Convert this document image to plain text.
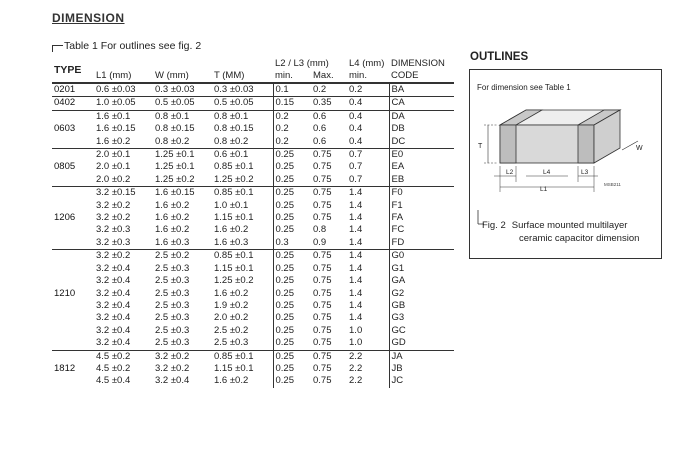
DIMENSION
Table 1 For outlines see fig. 2
TYPE	L1 (mm)	W (mm)	T (MM)	L2 / L3 (mm)		L4 (mm)	DIMENSION
				min.	Max.	min.	CODE
0201	0.6 ±0.03	0.3 ±0.03	0.3 ±0.03	0.1	0.2	0.2	BA
0402	1.0 ±0.05	0.5 ±0.05	0.5 ±0.05	0.15	0.35	0.4	CA
	1.6 ±0.1	0.8 ±0.1	0.8 ±0.1	0.2	0.6	0.4	DA
0603	1.6 ±0.15	0.8 ±0.15	0.8 ±0.15	0.2	0.6	0.4	DB
	1.6 ±0.2	0.8 ±0.2	0.8 ±0.2	0.2	0.6	0.4	DC
	2.0 ±0.1	1.25 ±0.1	0.6 ±0.1	0.25	0.75	0.7	E0
0805	2.0 ±0.1	1.25 ±0.1	0.85 ±0.1	0.25	0.75	0.7	EA
	2.0 ±0.2	1.25 ±0.2	1.25 ±0.2	0.25	0.75	0.7	EB
	3.2 ±0.15	1.6 ±0.15	0.85 ±0.1	0.25	0.75	1.4	F0
	3.2 ±0.2	1.6 ±0.2	1.0 ±0.1	0.25	0.75	1.4	F1
1206	3.2 ±0.2	1.6 ±0.2	1.15 ±0.1	0.25	0.75	1.4	FA
	3.2 ±0.3	1.6 ±0.2	1.6 ±0.2	0.25	0.8	1.4	FC
	3.2 ±0.3	1.6 ±0.3	1.6 ±0.3	0.3	0.9	1.4	FD
	3.2 ±0.2	2.5 ±0.2	0.85 ±0.1	0.25	0.75	1.4	G0
	3.2 ±0.4	2.5 ±0.3	1.15 ±0.1	0.25	0.75	1.4	G1
	3.2 ±0.4	2.5 ±0.3	1.25 ±0.2	0.25	0.75	1.4	GA
1210	3.2 ±0.4	2.5 ±0.3	1.6 ±0.2	0.25	0.75	1.4	G2
	3.2 ±0.4	2.5 ±0.3	1.9 ±0.2	0.25	0.75	1.4	GB
	3.2 ±0.4	2.5 ±0.3	2.0 ±0.2	0.25	0.75	1.4	G3
	3.2 ±0.4	2.5 ±0.3	2.5 ±0.2	0.25	0.75	1.0	GC
	3.2 ±0.4	2.5 ±0.3	2.5 ±0.3	0.25	0.75	1.0	GD
	4.5 ±0.2	3.2 ±0.2	0.85 ±0.1	0.25	0.75	2.2	JA
1812	4.5 ±0.2	3.2 ±0.2	1.15 ±0.1	0.25	0.75	2.2	JB
	4.5 ±0.4	3.2 ±0.4	1.6 ±0.2	0.25	0.75	2.2	JC
OUTLINES
For dimension see Table 1
T	W
L2	L4	L3
L1
MSB211
Fig. 2 Surface mounted multilayer
ceramic capacitor dimension
